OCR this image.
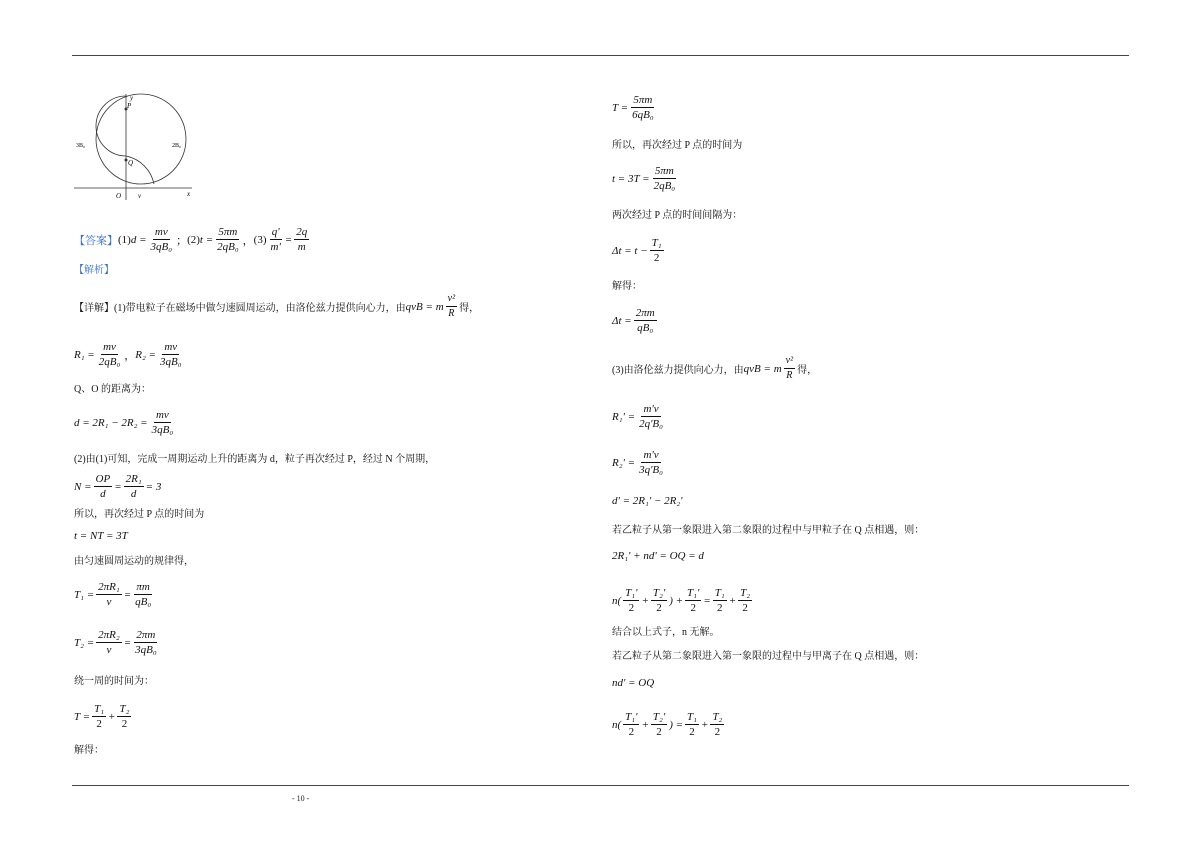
y
x
P
Q
O v
3B₀	2B₀
【答案】 (1) $d = \frac{mv}{\text{3qB₀}}$ ； (2) $t = \frac{5\pi m}{\text{2qB₀}}$ ， $(3) \frac{q'}{m'} = \frac{2q}{m}$
【解析】
【详解】 (1)带电粒子在磁场中做匀速圆周运动，由洛伦兹力提供向心力，由 qvB = m $\frac{\text{v²}}{R}$ 得，
$R_1 = \frac{mv}{\text{2qB₀}}$ ， $R_2 = \frac{mv}{\text{3qB₀}}$
Q、O 的距离为：
$d = 2R_1 - 2R_2 = \frac{mv}{\text{3qB₀}}$
(2)由(1)可知，完成一周期运动上升的距离为 d，粒子再次经过 P，经过 N 个周期，
$N = \frac{OP}{d} = \frac{\text{2R₁}}{d} = 3$
所以，再次经过 P 点的时间为
t = NT = 3T
由匀速圆周运动的规律得，
$T_1 = \frac{\text{2πR₁}}{v} = \frac{\pi m}{\text{qB₀}}$
$T_2 = \frac{\text{2πR₂}}{v} = \frac{2\pi m}{\text{3qB₀}}$
绕一周的时间为：
$T = \frac{\text{T₁}}{2} + \frac{\text{T₂}}{2}$
解得：
$T = \frac{5\pi m}{\text{6qB₀}}$
所以，再次经过 P 点的时间为
$t = 3T = \frac{5\pi m}{\text{2qB₀}}$
两次经过 P 点的时间间隔为：
$\Delta t = t - \frac{\text{T₁}}{2}$
解得：
$\Delta t = \frac{2\pi m}{\text{qB₀}}$
(3)由洛伦兹力提供向心力，由 qvB = m $\frac{\text{v²}}{R}$ 得，
$R_1' = \frac{m'v}{\text{2q'B₀}}$
$R_2' = \frac{m'v}{\text{3q'B₀}}$
d' = 2R₁' − 2R₂'
若乙粒子从第一象限进入第二象限的过程中与甲粒子在 Q 点相遇，则：
2R₁' + nd' = OQ = d
$n( \frac{\text{T₁'}}{2} + \frac{\text{T₂'}}{2}$ ) + $\frac{\text{T₁'}}{2} = \frac{\text{T₁}}{2} + \frac{\text{T₂}}{2}$
结合以上式子，n 无解。
若乙粒子从第二象限进入第一象限的过程中与甲离子在 Q 点相遇，则：
nd' = OQ
$n( \frac{\text{T₁'}}{2} + \frac{\text{T₂'}}{2}$ ) = $\frac{\text{T₁}}{2} + \frac{\text{T₂}}{2}$
- 10 -
